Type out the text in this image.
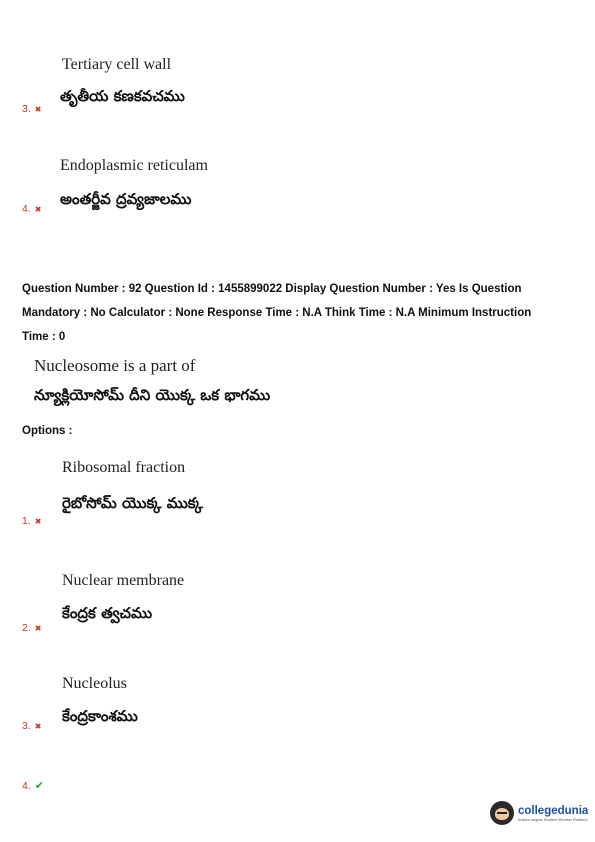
Tertiary cell wall
తృతీయ కణకవచము
3. ✖
Endoplasmic reticulam
అంతర్జీవ ద్రవ్యజాలము
4. ✖
Question Number : 92 Question Id : 1455899022 Display Question Number : Yes Is Question
Mandatory : No Calculator : None Response Time : N.A Think Time : N.A Minimum Instruction
Time : 0
Nucleosome is a part of
న్యూక్లియోసోమ్ దీని యొక్క ఒక భాగము
Options :
Ribosomal fraction
రైబోసోమ్ యొక్క ముక్క
1. ✖
Nuclear membrane
కేంద్రక త్వచము
2. ✖
Nucleolus
కేంద్రకాంశము
3. ✖
4. ✔
collegedunia
India's largest Student Review Platform
